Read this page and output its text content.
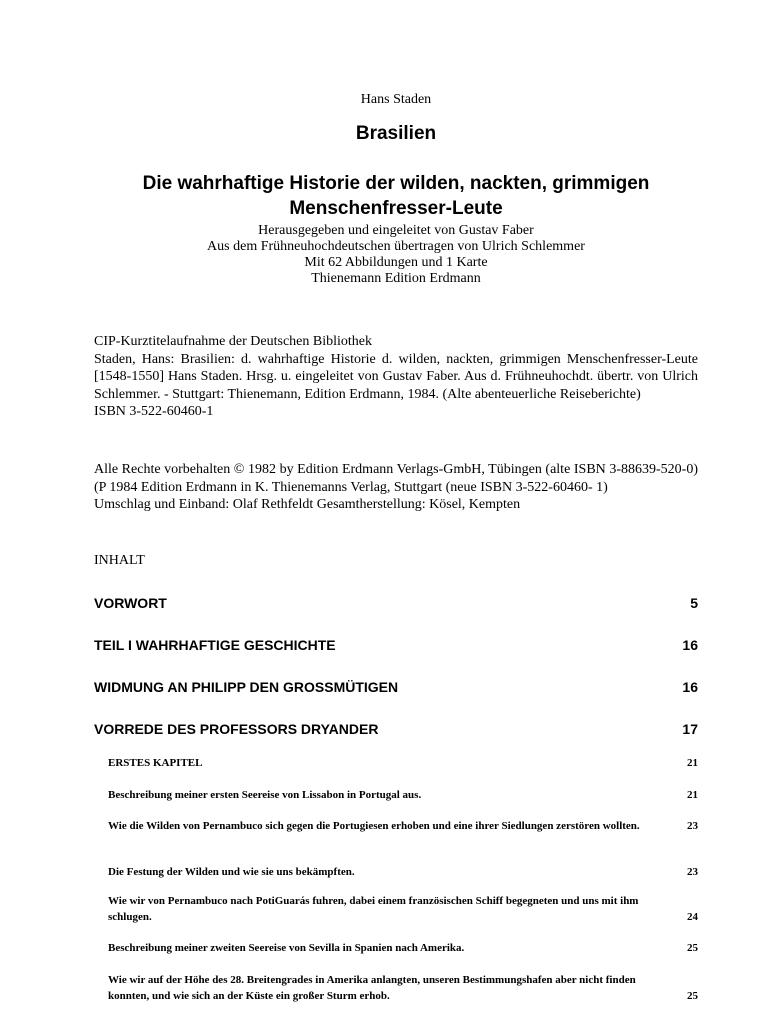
Hans Staden
Brasilien
Die wahrhaftige Historie der wilden, nackten, grimmigen Menschenfresser-Leute
Herausgegeben und eingeleitet von Gustav Faber
Aus dem Frühneuhochdeutschen übertragen von Ulrich Schlemmer
Mit 62 Abbildungen und 1 Karte
Thienemann Edition Erdmann
CIP-Kurztitelaufnahme der Deutschen Bibliothek
Staden, Hans: Brasilien: d. wahrhaftige Historie d. wilden, nackten, grimmigen Menschenfresser-Leute [1548-1550] Hans Staden. Hrsg. u. eingeleitet von Gustav Faber. Aus d. Frühneuhochdt. übertr. von Ulrich Schlemmer. - Stuttgart: Thienemann, Edition Erdmann, 1984. (Alte abenteuerliche Reiseberichte)
ISBN 3-522-60460-1
Alle Rechte vorbehalten © 1982 by Edition Erdmann Verlags-GmbH, Tübingen (alte ISBN 3-88639-520-0) (P 1984 Edition Erdmann in K. Thienemanns Verlag, Stuttgart (neue ISBN 3-522-60460- 1)
Umschlag und Einband: Olaf Rethfeldt Gesamtherstellung: Kösel, Kempten
INHALT
VORWORT	5
TEIL I WAHRHAFTIGE GESCHICHTE	16
WIDMUNG AN PHILIPP DEN GROSSMÜTIGEN	16
VORREDE DES PROFESSORS DRYANDER	17
ERSTES KAPITEL	21
Beschreibung meiner ersten Seereise von Lissabon in Portugal aus.	21
Wie die Wilden von Pernambuco sich gegen die Portugiesen erhoben und eine ihrer Siedlungen zerstören wollten.	23
Die Festung der Wilden und wie sie uns bekämpften.	23
Wie wir von Pernambuco nach PotiGuarás fuhren, dabei einem französischen Schiff begegneten und uns mit ihm schlugen.	24
Beschreibung meiner zweiten Seereise von Sevilla in Spanien nach Amerika.	25
Wie wir auf der Höhe des 28. Breitengrades in Amerika anlangten, unseren Bestimmungshafen aber nicht finden konnten, und wie sich an der Küste ein großer Sturm erhob.	25
